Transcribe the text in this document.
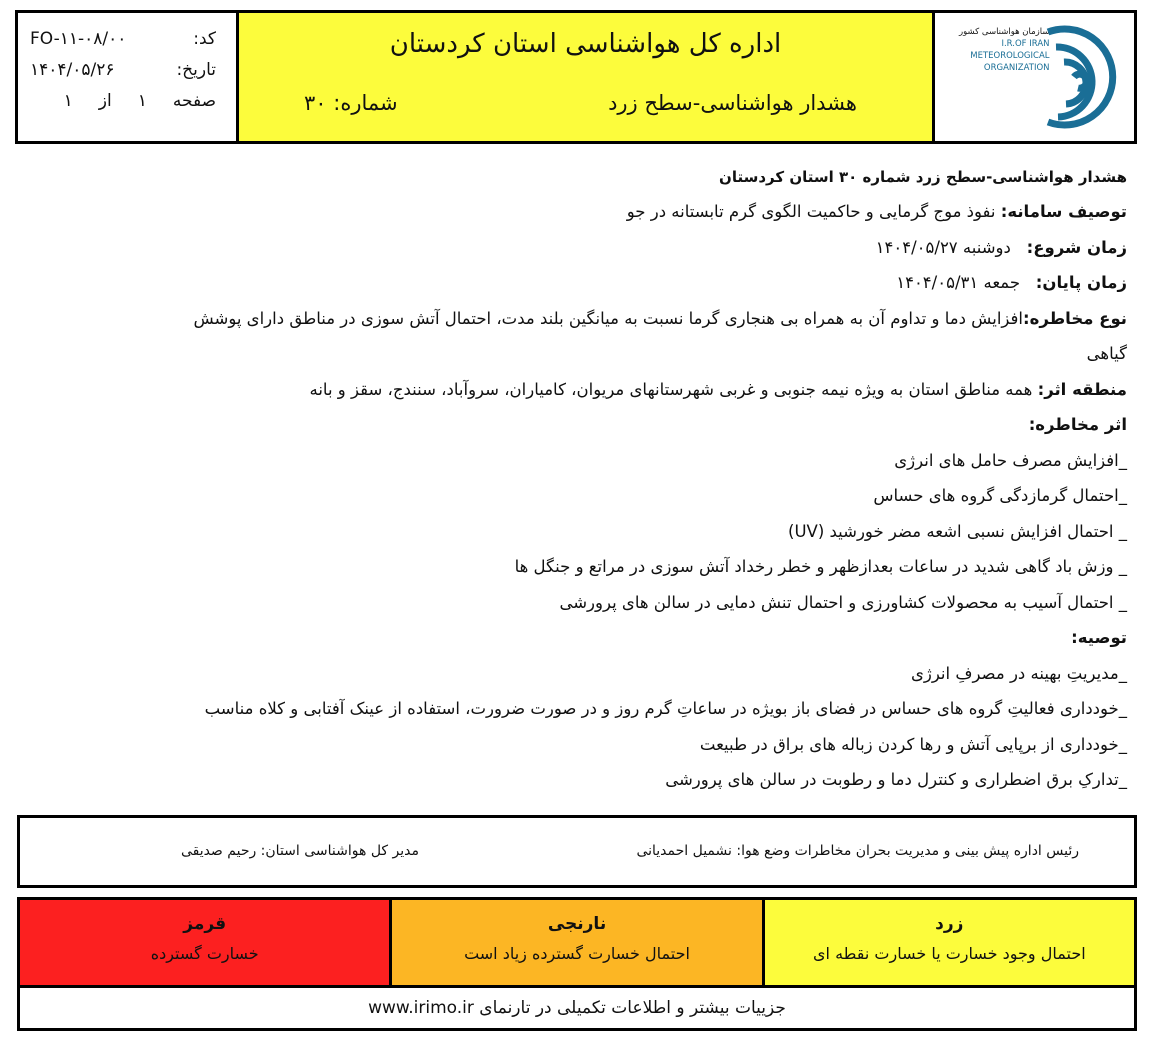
کد:
FO-۱۱-۰۸/۰۰
تاریخ:
۱۴۰۴/۰۵/۲۶
صفحه
۱
از
۱
اداره کل هواشناسی استان کردستان
هشدار هواشناسی-سطح زرد
شماره: ۳۰
سازمان هواشناسی کشور
I.R.OF IRAN
METEOROLOGICAL
ORGANIZATION
هشدار هواشناسی-سطح زرد شماره ۳۰ استان کردستان
توصیف سامانه: نفوذ موج گرمایی و حاکمیت الگوی گرم تابستانه در جو
زمان شروع:   دوشنبه ۱۴۰۴/۰۵/۲۷
زمان پایان:   جمعه ۱۴۰۴/۰۵/۳۱
نوع مخاطره:افزایش دما و تداوم آن به همراه بی هنجاری گرما نسبت به میانگین بلند مدت، احتمال آتش سوزی در مناطق دارای پوشش
گیاهی
منطقه اثر: همه مناطق استان به ویژه نیمه جنوبی و غربی شهرستانهای مریوان، کامیاران، سروآباد، سنندج، سقز و بانه
اثر مخاطره:
_افزایش مصرف حامل های انرژی
_احتمال گرمازدگی گروه های حساس
_ احتمال افزایش نسبی اشعه مضر خورشید (UV)
_ وزش باد گاهی شدید در ساعات بعدازظهر و خطر رخداد آتش سوزی در مراتع و جنگل ها
_ احتمال آسیب به محصولات کشاورزی و احتمال تنش دمایی در سالن های پرورشی
توصیه:
_مدیریتِ بهینه در مصرفِ انرژی
_خودداری فعالیتِ گروه های حساس در فضای باز بویژه در ساعاتِ گرم روز و در صورت ضرورت، استفاده از عینک آفتابی و کلاه مناسب
_خودداری از برپایی آتش و رها کردن زباله های براق در طبیعت
_تدارکِ برق اضطراری و کنترل دما و رطوبت در سالن های پرورشی
رئیس اداره پیش بینی و مدیریت بحران مخاطرات وضع هوا: نشمیل احمدیانی
مدیر کل هواشناسی استان: رحیم صدیقی
زرد
احتمال وجود خسارت یا خسارت نقطه ای
نارنجی
احتمال خسارت گسترده زیاد است
قرمز
خسارت گسترده
جزییات بیشتر و اطلاعات تکمیلی در تارنمای www.irimo.ir
